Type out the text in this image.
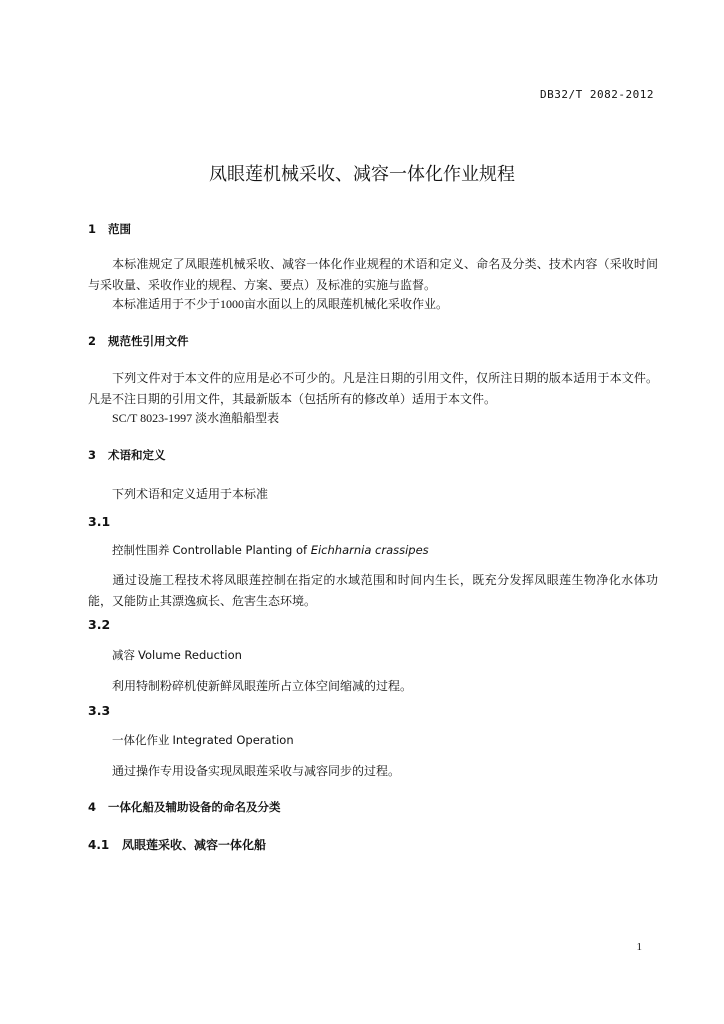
DB32/T 2082-2012
凤眼莲机械采收、减容一体化作业规程
1 范围
本标准规定了凤眼莲机械采收、减容一体化作业规程的术语和定义、命名及分类、技术内容（采收时间与采收量、采收作业的规程、方案、要点）及标准的实施与监督。
本标准适用于不少于1000亩水面以上的凤眼莲机械化采收作业。
2 规范性引用文件
下列文件对于本文件的应用是必不可少的。凡是注日期的引用文件，仅所注日期的版本适用于本文件。凡是不注日期的引用文件，其最新版本（包括所有的修改单）适用于本文件。
SC/T 8023-1997 淡水渔船船型表
3 术语和定义
下列术语和定义适用于本标准
3.1
控制性围养 Controllable Planting of Eichharnia crassipes
通过设施工程技术将凤眼莲控制在指定的水域范围和时间内生长，既充分发挥凤眼莲生物净化水体功能，又能防止其漂逸疯长、危害生态环境。
3.2
减容 Volume Reduction
利用特制粉碎机使新鲜凤眼莲所占立体空间缩减的过程。
3.3
一体化作业 Integrated Operation
通过操作专用设备实现凤眼莲采收与减容同步的过程。
4 一体化船及辅助设备的命名及分类
4.1 凤眼莲采收、减容一体化船
1
